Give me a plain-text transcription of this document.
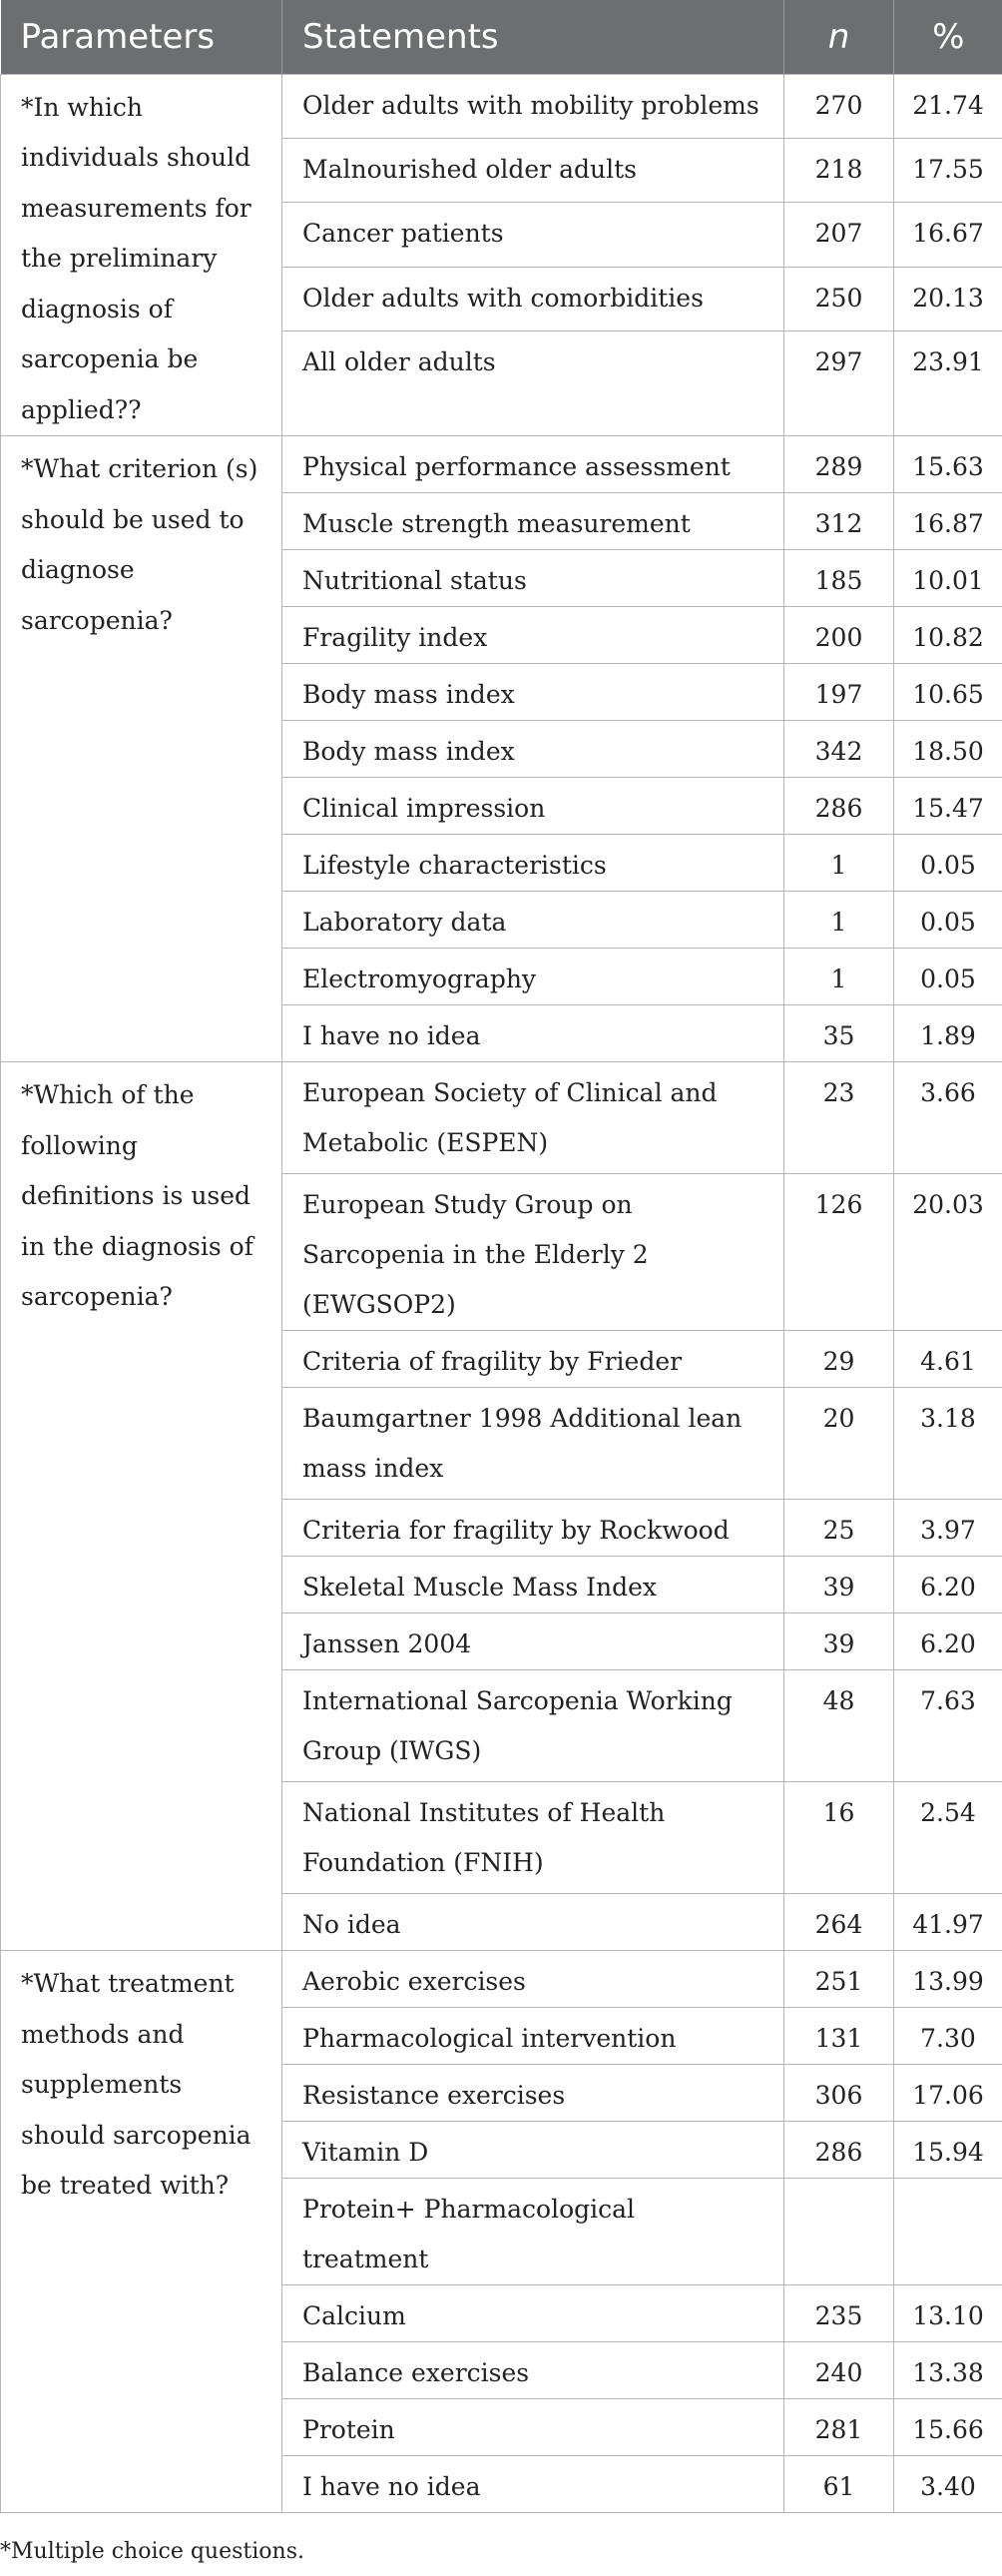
Parameters	Statements	n	%
*In which individuals should measurements for the preliminary diagnosis of sarcopenia be applied??	Older adults with mobility problems	270	21.74
	Malnourished older adults	218	17.55
	Cancer patients	207	16.67
	Older adults with comorbidities	250	20.13
	All older adults	297	23.91
*What criterion (s) should be used to diagnose sarcopenia?	Physical performance assessment	289	15.63
	Muscle strength measurement	312	16.87
	Nutritional status	185	10.01
	Fragility index	200	10.82
	Body mass index	197	10.65
	Body mass index	342	18.50
	Clinical impression	286	15.47
	Lifestyle characteristics	1	0.05
	Laboratory data	1	0.05
	Electromyography	1	0.05
	I have no idea	35	1.89
*Which of the following definitions is used in the diagnosis of sarcopenia?	European Society of Clinical and Metabolic (ESPEN)	23	3.66
	European Study Group on Sarcopenia in the Elderly 2 (EWGSOP2)	126	20.03
	Criteria of fragility by Frieder	29	4.61
	Baumgartner 1998 Additional lean mass index	20	3.18
	Criteria for fragility by Rockwood	25	3.97
	Skeletal Muscle Mass Index	39	6.20
	Janssen 2004	39	6.20
	International Sarcopenia Working Group (IWGS)	48	7.63
	National Institutes of Health Foundation (FNIH)	16	2.54
	No idea	264	41.97
*What treatment methods and supplements should sarcopenia be treated with?	Aerobic exercises	251	13.99
	Pharmacological intervention	131	7.30
	Resistance exercises	306	17.06
	Vitamin D	286	15.94
	Protein+ Pharmacological treatment		
	Calcium	235	13.10
	Balance exercises	240	13.38
	Protein	281	15.66
	I have no idea	61	3.40
*Multiple choice questions.
